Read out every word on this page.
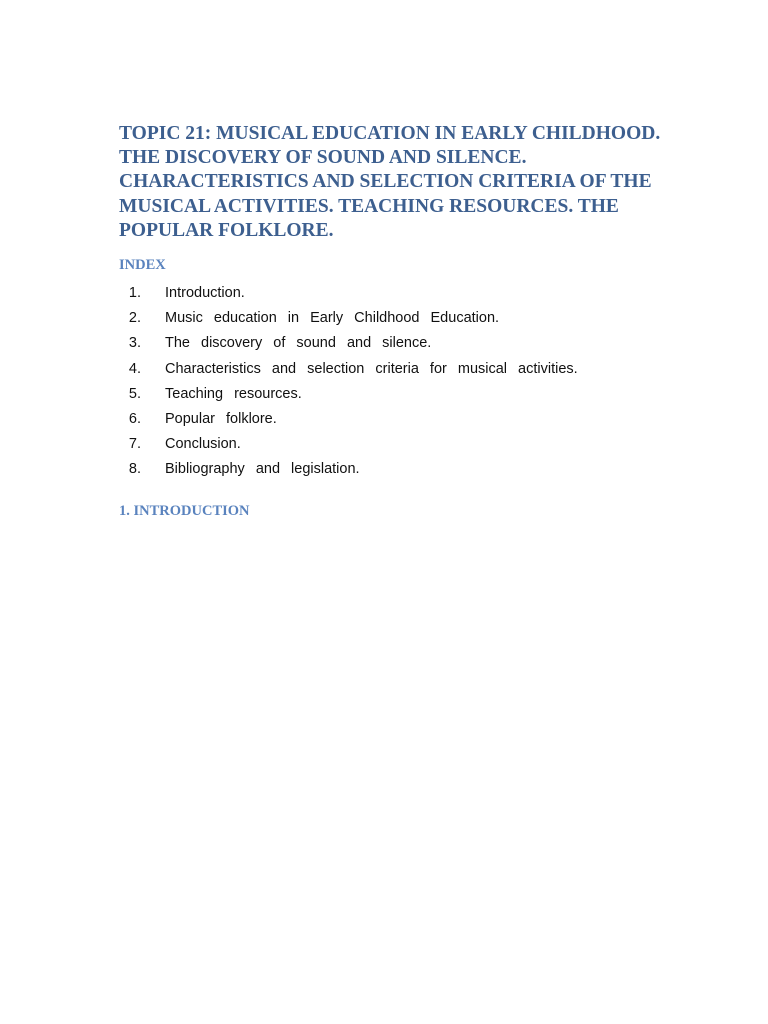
TOPIC 21: MUSICAL EDUCATION IN EARLY CHILDHOOD.
THE DISCOVERY OF SOUND AND SILENCE.
CHARACTERISTICS AND SELECTION CRITERIA OF THE
MUSICAL ACTIVITIES. TEACHING RESOURCES. THE
POPULAR FOLKLORE.
INDEX
1. Introduction.
2. Music education in Early Childhood Education.
3. The discovery of sound and silence.
4. Characteristics and selection criteria for musical activities.
5. Teaching resources.
6. Popular folklore.
7. Conclusion.
8. Bibliography and legislation.
1. INTRODUCTION
